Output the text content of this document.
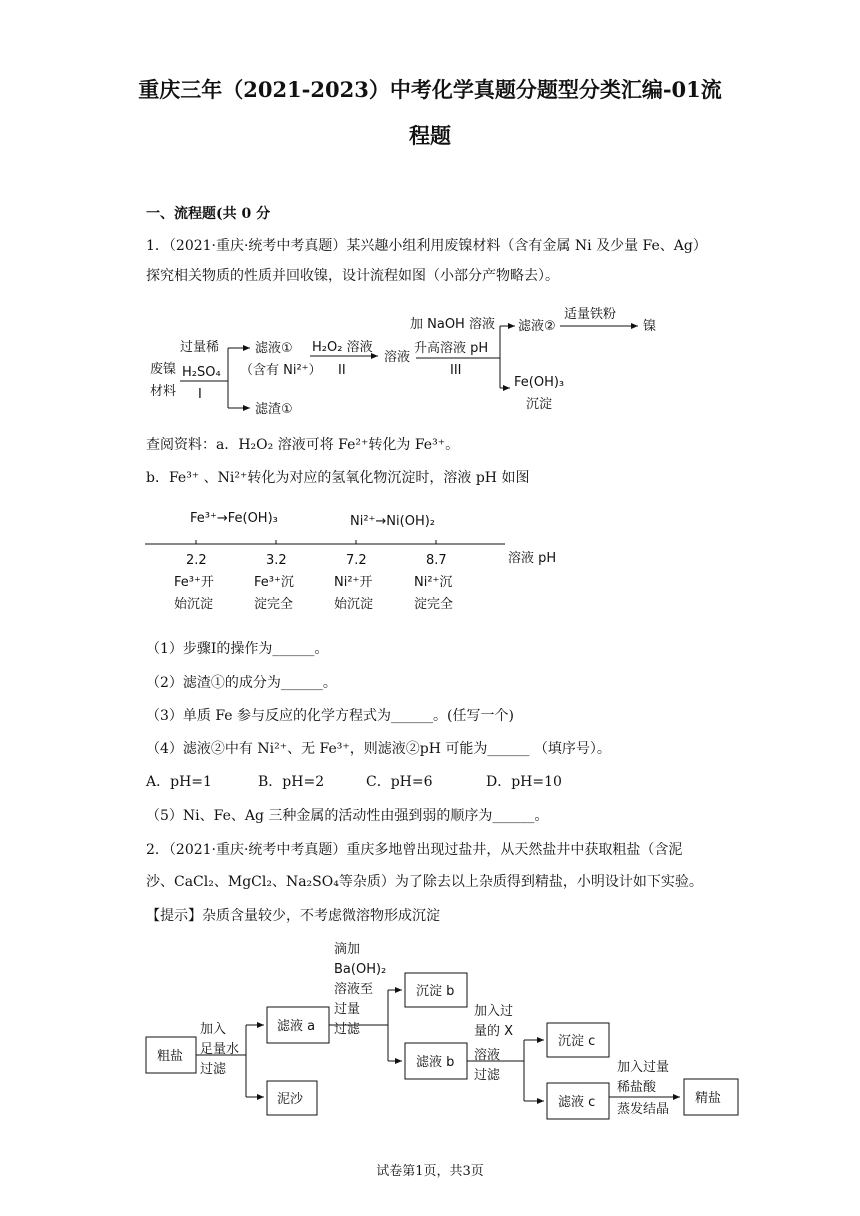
重庆三年（2021-2023）中考化学真题分题型分类汇编-01流
程题
一、流程题(共 0 分
1．（2021·重庆·统考中考真题）某兴趣小组利用废镍材料（含有金属 Ni 及少量 Fe、Ag）
探究相关物质的性质并回收镍，设计流程如图（小部分产物略去）。
废镍
材料
过量稀
H₂SO₄
I
滤液①
（含有 Ni²⁺）
滤渣①
H₂O₂ 溶液
II
溶液
加 NaOH 溶液
升高溶液 pH
III
滤液②
适量铁粉
镍
Fe(OH)₃
沉淀
查阅资料：a．H₂O₂ 溶液可将 Fe²⁺转化为 Fe³⁺。
b．Fe³⁺ 、Ni²⁺转化为对应的氢氧化物沉淀时，溶液 pH 如图
Fe³⁺→Fe(OH)₃	Ni²⁺→Ni(OH)₂
溶液 pH
2.2	3.2	7.2	8.7
Fe³⁺开
始沉淀
Fe³⁺沉
淀完全
Ni²⁺开
始沉淀
Ni²⁺沉
淀完全
（1）步骤I的操作为______。
（2）滤渣①的成分为______。
（3）单质 Fe 参与反应的化学方程式为______。(任写一个)
（4）滤液②中有 Ni²⁺、无 Fe³⁺，则滤液②pH 可能为______ （填序号）。
A．pH=1	B．pH=2	C．pH=6	D．pH=10
（5）Ni、Fe、Ag 三种金属的活动性由强到弱的顺序为______。
2．（2021·重庆·统考中考真题）重庆多地曾出现过盐井，从天然盐井中获取粗盐（含泥
沙、CaCl₂、MgCl₂、Na₂SO₄等杂质）为了除去以上杂质得到精盐，小明设计如下实验。
【提示】杂质含量较少，不考虑微溶物形成沉淀
粗盐
加入
足量水
过滤
滤液 a
泥沙
滴加
Ba(OH)₂
溶液至
过量
过滤
沉淀 b
滤液 b
加入过
量的 X
溶液
过滤
沉淀 c
滤液 c
加入过量
稀盐酸
蒸发结晶
精盐
试卷第1页，共3页
